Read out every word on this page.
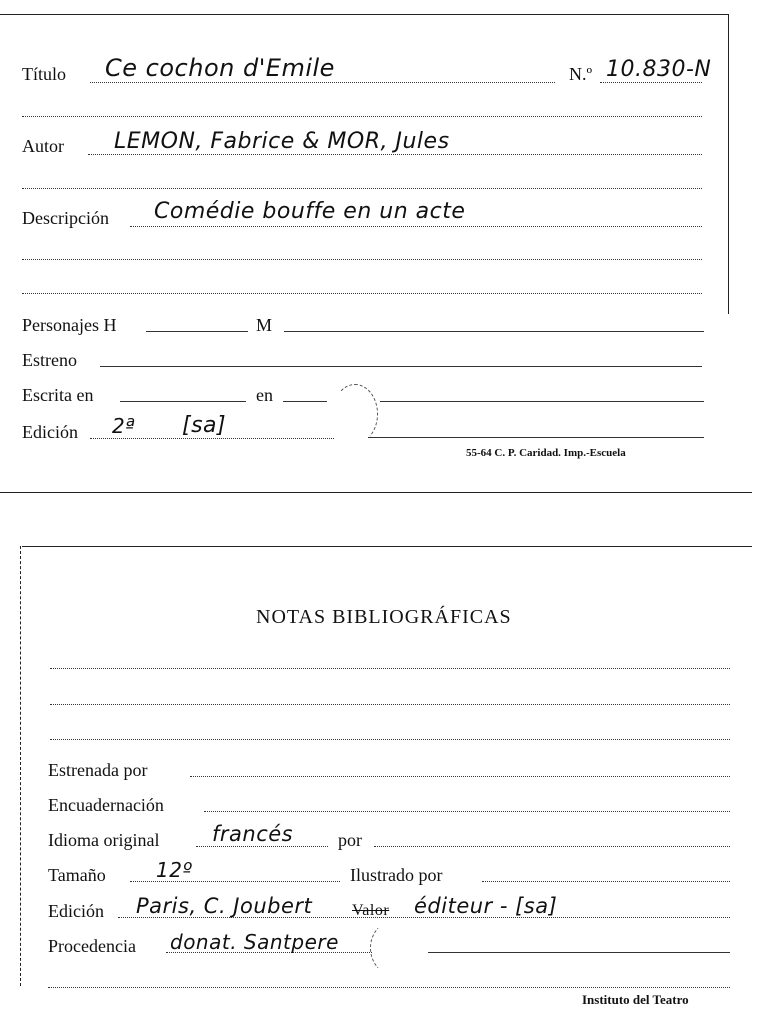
Título Ce cochon d'Emile	N.º 10.830-N
Autor LEMON, Fabrice & MOR, Jules
Descripción Comédie bouffe en un acte
Personajes H	M
Estreno
Escrita en	en
Edición 2ª [sa]
55-64 C. P. Caridad. Imp.-Escuela
NOTAS BIBLIOGRÁFICAS
Estrenada por
Encuadernación
Idioma original	francés por
Tamaño	12º	Ilustrado por
Edición Paris, C. Joubert Valor éditeur - [sa]
Procedencia donat. Santpere
Instituto del Teatro
